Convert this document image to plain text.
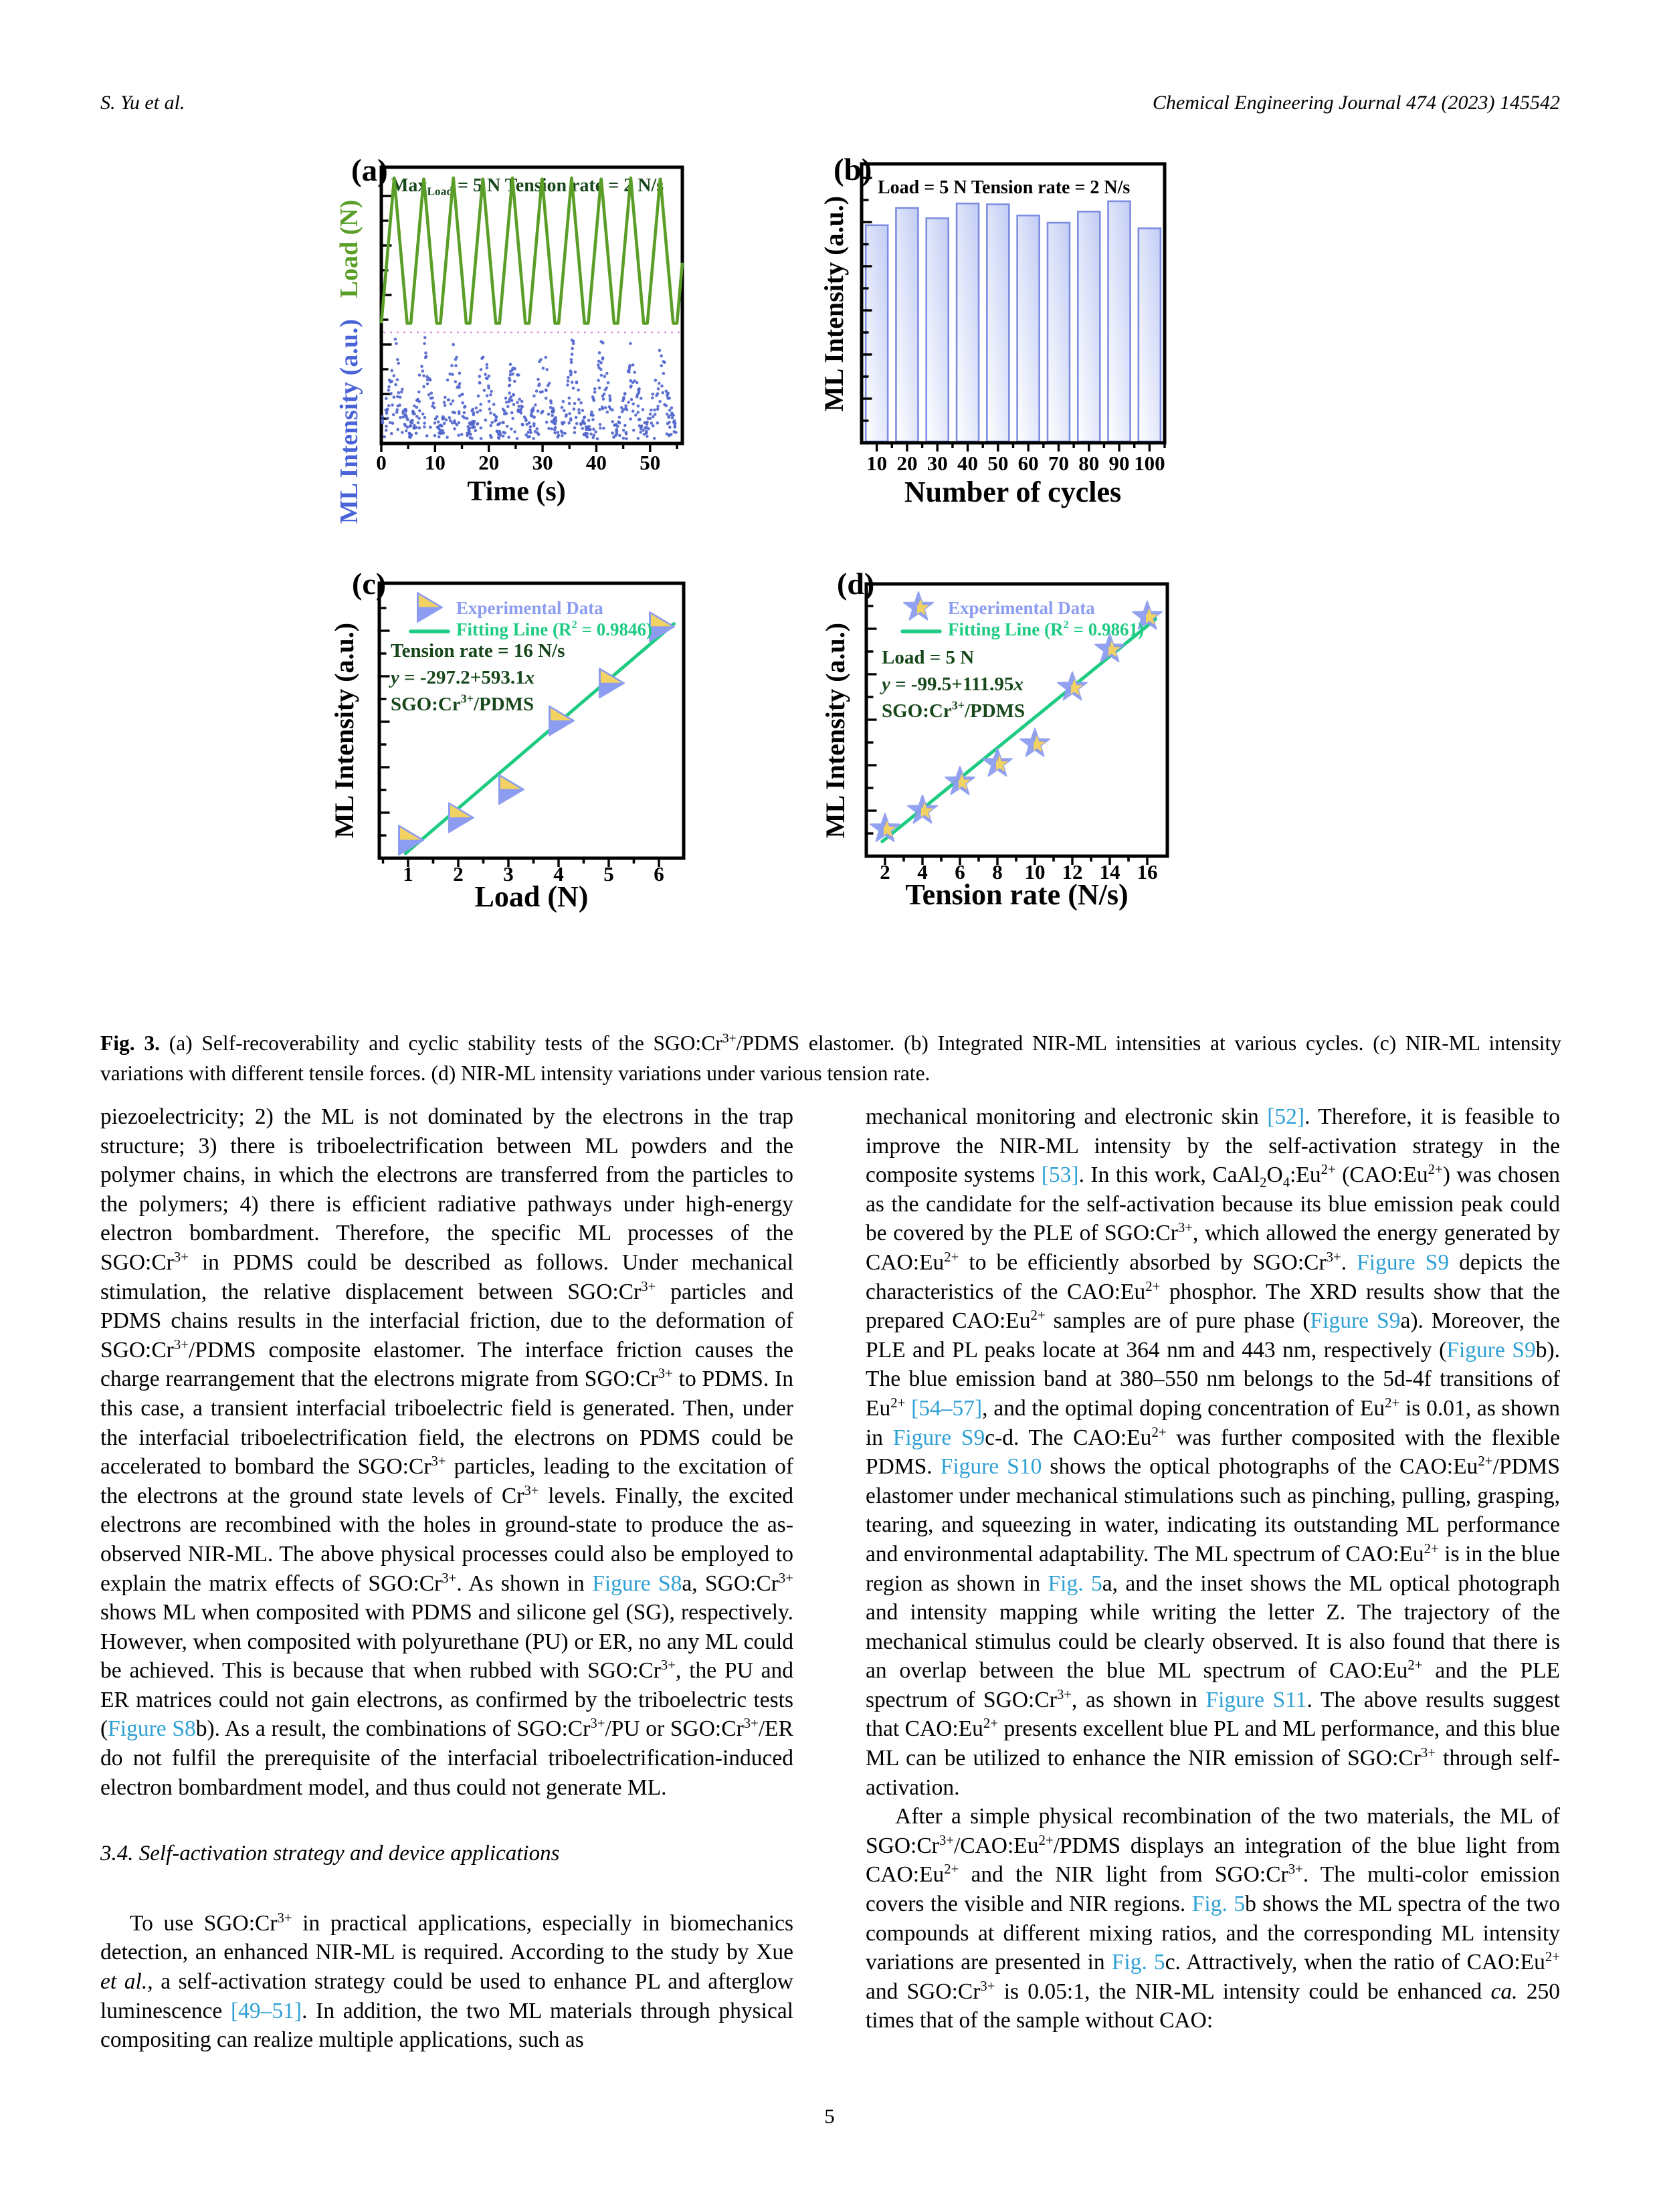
S. Yu et al.	Chemical Engineering Journal 474 (2023) 145542
(a)
0 10 20 30 40 50
Time (s)
Load (N)
ML Intensity (a.u.)
Max$_{Load}$ = 5 N Tension rate = 2 N/s	(b)
10 20 30 40 50 60 70 80 90 100
Number of cycles
ML Intensity (a.u.)
Load = 5 N Tension rate = 2 N/s
(c)
1 2 3 4 5 6
Load (N)
ML Intensity (a.u.)
Experimental Data
Fitting Line $(R^2 = 0.9846)$
Tension rate = 16 N/s
y = -297.2+593.1x
$SGO:Cr^{3+}$/PDMS
(d)
2 4 6 8 10 12 14 16
Tension rate (N/s)
ML Intensity (a.u.)
Experimental Data
Fitting Line $(R^2 = 0.9861)$
Load = 5 N
y = -99.5+111.95x
$SGO:Cr^{3+}$/PDMS

Fig. 3. (a) Self-recoverability and cyclic stability tests of the $SGO:Cr^{3+}$/PDMS elastomer. (b) Integrated NIR-ML intensities at various cycles. (c) NIR-ML intensity variations with different tensile forces. (d) NIR-ML intensity variations under various tension rate.

piezoelectricity; 2) the ML is not dominated by the electrons in the trap structure; 3) there is triboelectrification between ML powders and the polymer chains, in which the electrons are transferred from the particles to the polymers; 4) there is efficient radiative pathways under high-energy electron bombardment. Therefore, the specific ML processes of the $SGO:Cr^{3+}$ in PDMS could be described as follows. Under mechanical stimulation, the relative displacement between $SGO:Cr^{3+}$ particles and PDMS chains results in the interfacial friction, due to the deformation of $SGO:Cr^{3+}$/PDMS composite elastomer. The interface friction causes the charge rearrangement that the electrons migrate from $SGO:Cr^{3+}$ to PDMS. In this case, a transient interfacial triboelectric field is generated. Then, under the interfacial triboelectrification field, the electrons on PDMS could be accelerated to bombard the $SGO:Cr^{3+}$ particles, leading to the excitation of the electrons at the ground state levels of $Cr^{3+}$ levels. Finally, the excited electrons are recombined with the holes in ground-state to produce the as-observed NIR-ML. The above physical processes could also be employed to explain the matrix effects of $SGO:Cr^{3+}$. As shown in Figure S8a, $SGO:Cr^{3+}$ shows ML when composited with PDMS and silicone gel (SG), respectively. However, when composited with polyurethane (PU) or ER, no any ML could be achieved. This is because that when rubbed with $SGO:Cr^{3+}$, the PU and ER matrices could not gain electrons, as confirmed by the triboelectric tests (Figure S8b). As a result, the combinations of $SGO:Cr^{3+}/PU$ or $SGO:Cr^{3+}/ER$ do not fulfil the prerequisite of the interfacial triboelectrification-induced electron bombardment model, and thus could not generate ML.

3.4. Self-activation strategy and device applications

To use $SGO:Cr^{3+}$ in practical applications, especially in biomechanics detection, an enhanced NIR-ML is required. According to the study by Xue et al., a self-activation strategy could be used to enhance PL and afterglow luminescence [49–51]. In addition, the two ML materials through physical compositing can realize multiple applications, such as

mechanical monitoring and electronic skin [52]. Therefore, it is feasible to improve the NIR-ML intensity by the self-activation strategy in the composite systems [53]. In this work, $CaAl_2O_4:Eu^{2+}$ $(CAO:Eu^{2+})$ was chosen as the candidate for the self-activation because its blue emission peak could be covered by the PLE of $SGO:Cr^{3+}$, which allowed the energy generated by $CAO:Eu^{2+}$ to be efficiently absorbed by $SGO:Cr^{3+}$. Figure S9 depicts the characteristics of the $CAO:Eu^{2+}$ phosphor. The XRD results show that the prepared $CAO:Eu^{2+}$ samples are of pure phase (Figure S9a). Moreover, the PLE and PL peaks locate at 364 nm and 443 nm, respectively (Figure S9b). The blue emission band at 380–550 nm belongs to the 5d-4f transitions of $Eu^{2+}$ [54–57], and the optimal doping concentration of $Eu^{2+}$ is 0.01, as shown in Figure S9c-d. The $CAO:Eu^{2+}$ was further composited with the flexible PDMS. Figure S10 shows the optical photographs of the $CAO:Eu^{2+}$/PDMS elastomer under mechanical stimulations such as pinching, pulling, grasping, tearing, and squeezing in water, indicating its outstanding ML performance and environmental adaptability. The ML spectrum of $CAO:Eu^{2+}$ is in the blue region as shown in Fig. 5a, and the inset shows the ML optical photograph and intensity mapping while writing the letter Z. The trajectory of the mechanical stimulus could be clearly observed. It is also found that there is an overlap between the blue ML spectrum of $CAO:Eu^{2+}$ and the PLE spectrum of $SGO:Cr^{3+}$, as shown in Figure S11. The above results suggest that $CAO:Eu^{2+}$ presents excellent blue PL and ML performance, and this blue ML can be utilized to enhance the NIR emission of $SGO:Cr^{3+}$ through self-activation.

After a simple physical recombination of the two materials, the ML of $SGO:Cr^{3+}/CAO:Eu^{2+}$/PDMS displays an integration of the blue light from $CAO:Eu^{2+}$ and the NIR light from $SGO:Cr^{3+}$. The multi-color emission covers the visible and NIR regions. Fig. 5b shows the ML spectra of the two compounds at different mixing ratios, and the corresponding ML intensity variations are presented in Fig. 5c. Attractively, when the ratio of $CAO:Eu^{2+}$ and $SGO:Cr^{3+}$ is 0.05:1, the NIR-ML intensity could be enhanced ca. 250 times that of the sample without CAO:

5
